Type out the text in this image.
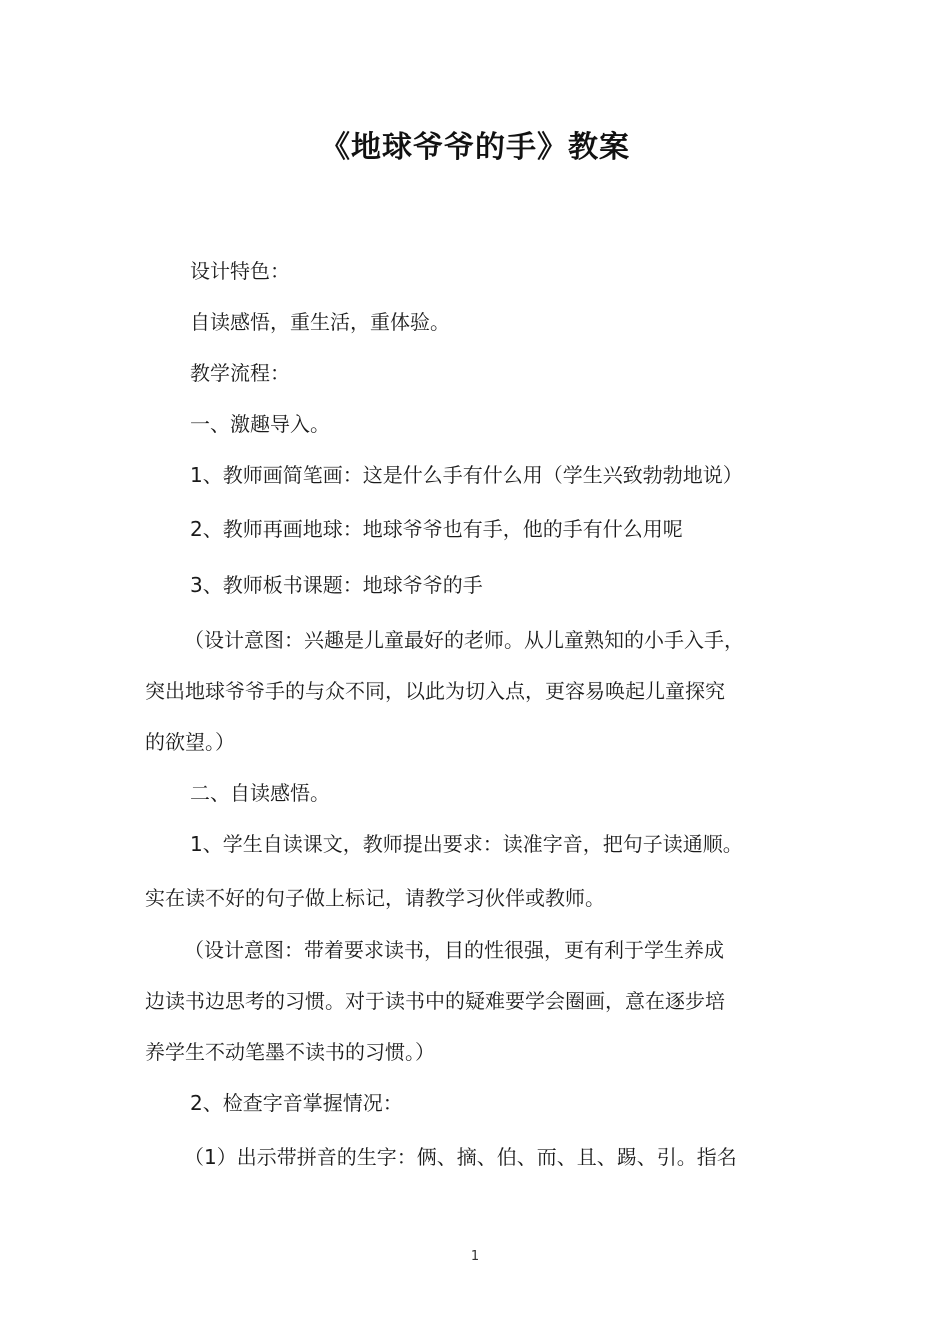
《地球爷爷的手》教案
设计特色：
自读感悟，重生活，重体验。
教学流程：
一、激趣导入。
1、教师画简笔画：这是什么手有什么用（学生兴致勃勃地说）
2、教师再画地球：地球爷爷也有手，他的手有什么用呢
3、教师板书课题：地球爷爷的手
（设计意图：兴趣是儿童最好的老师。从儿童熟知的小手入手，
突出地球爷爷手的与众不同，以此为切入点，更容易唤起儿童探究
的欲望。）
二、自读感悟。
1、学生自读课文，教师提出要求：读准字音，把句子读通顺。
实在读不好的句子做上标记，请教学习伙伴或教师。
（设计意图：带着要求读书，目的性很强，更有利于学生养成
边读书边思考的习惯。对于读书中的疑难要学会圈画，意在逐步培
养学生不动笔墨不读书的习惯。）
2、检查字音掌握情况：
（1）出示带拼音的生字：俩、摘、伯、而、且、踢、引。指名
1
